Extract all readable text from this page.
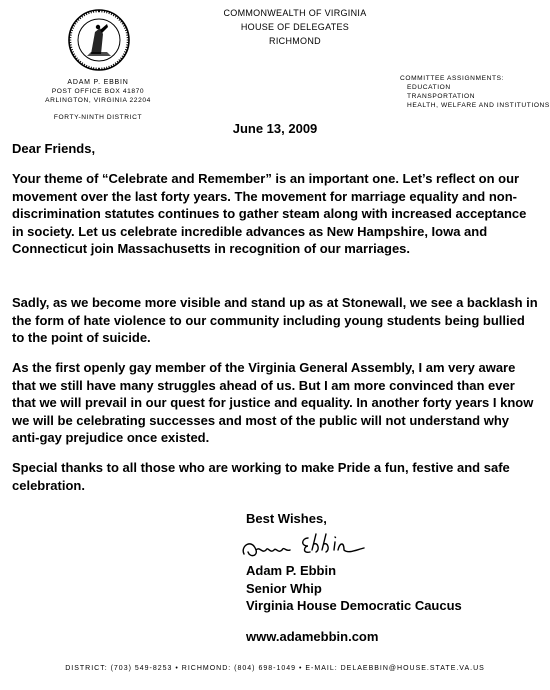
COMMONWEALTH OF VIRGINIA
HOUSE OF DELEGATES
RICHMOND
ADAM P. EBBIN
POST OFFICE BOX 41870
ARLINGTON, VIRGINIA 22204
FORTY-NINTH DISTRICT
COMMITTEE ASSIGNMENTS:
EDUCATION
TRANSPORTATION
HEALTH, WELFARE AND INSTITUTIONS
June 13, 2009
Dear Friends,

Your theme of “Celebrate and Remember” is an important one. Let’s reflect on our movement over the last forty years. The movement for marriage equality and non-discrimination statutes continues to gather steam along with increased acceptance in society. Let us celebrate incredible advances as New Hampshire, Iowa and Connecticut join Massachusetts in recognition of our marriages.

Sadly, as we become more visible and stand up as at Stonewall, we see a backlash in the form of hate violence to our community including young students being bullied to the point of suicide.

As the first openly gay member of the Virginia General Assembly, I am very aware that we still have many struggles ahead of us. But I am more convinced than ever that we will prevail in our quest for justice and equality. In another forty years I know we will be celebrating successes and most of the public will not understand why anti-gay prejudice once existed.

Special thanks to all those who are working to make Pride a fun, festive and safe celebration.

Best Wishes,
Adam P. Ebbin
Senior Whip
Virginia House Democratic Caucus
www.adamebbin.com
DISTRICT: (703) 549-8253 • RICHMOND: (804) 698-1049 • E-MAIL: DELAEBBIN@HOUSE.STATE.VA.US
